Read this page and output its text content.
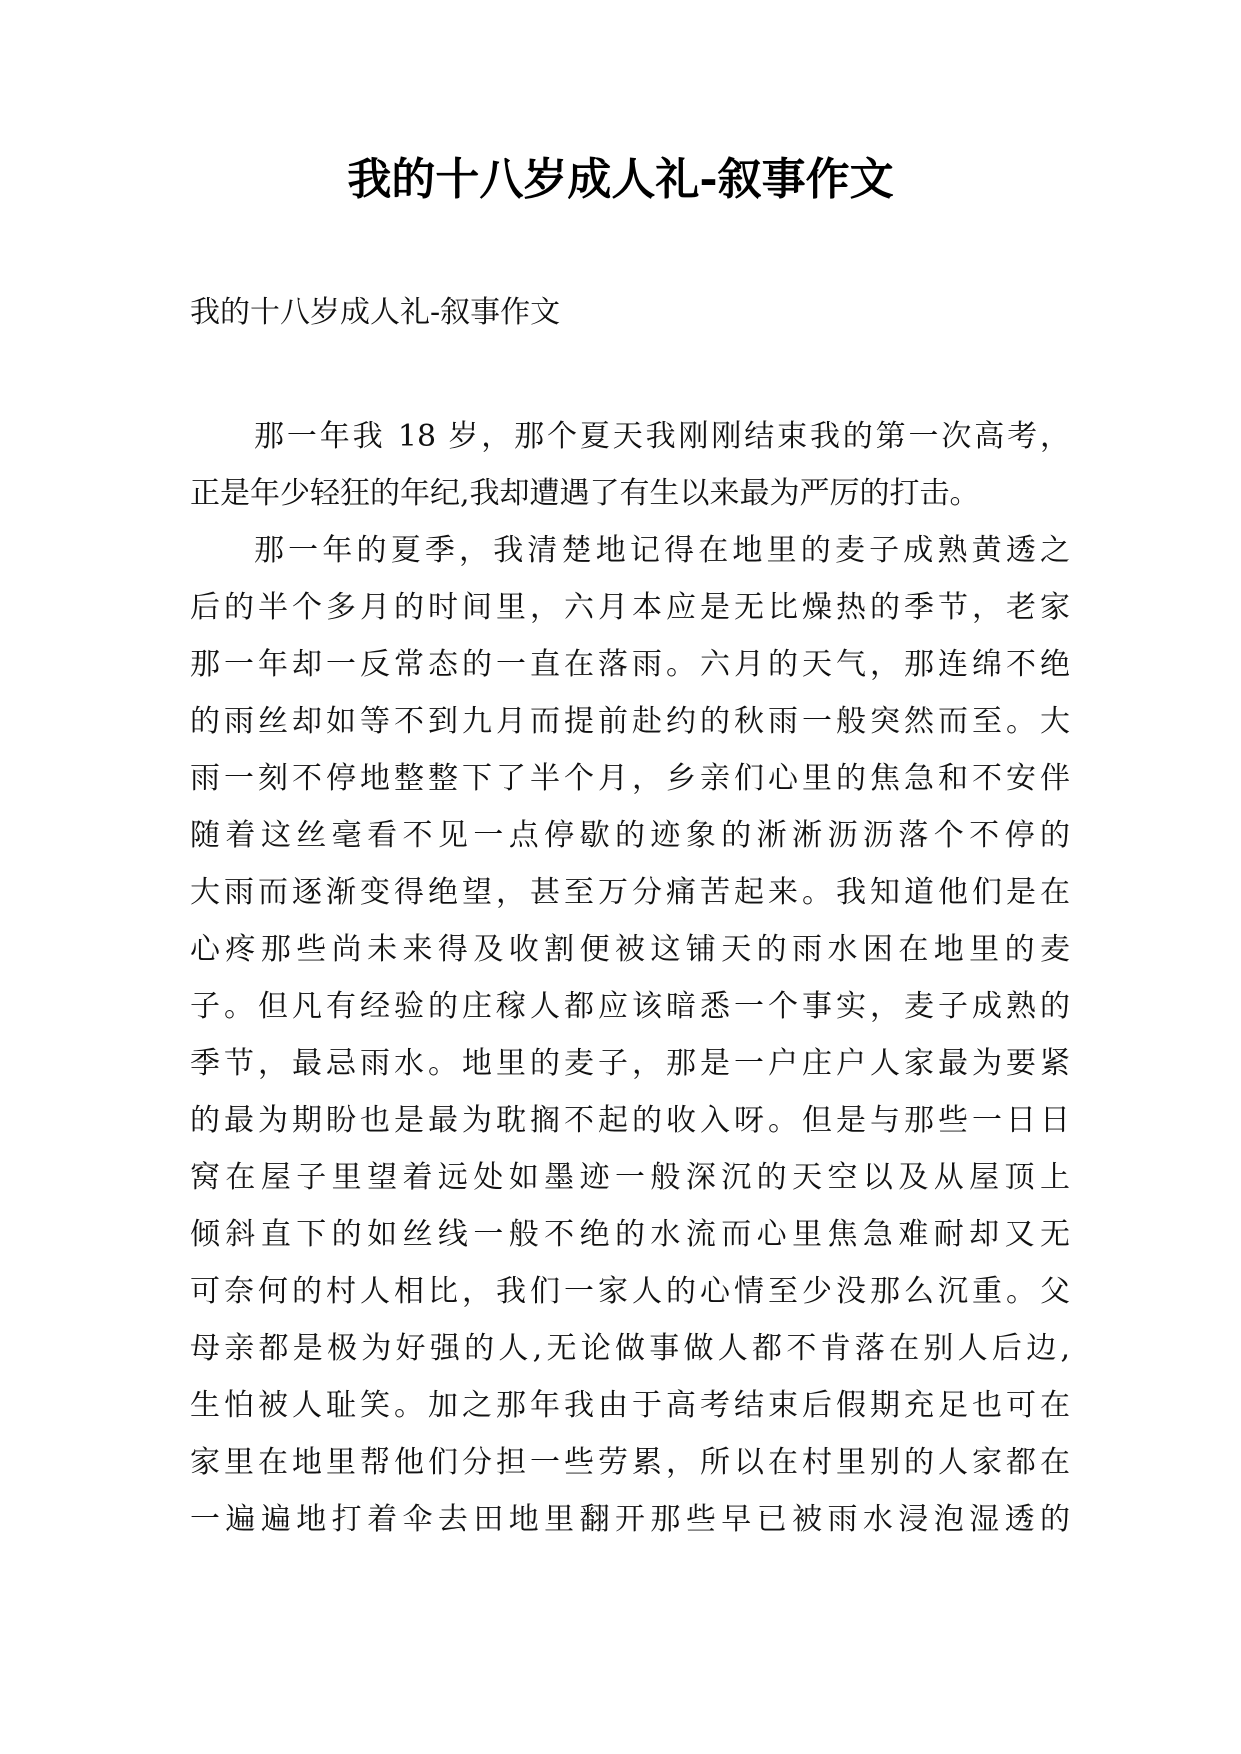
我的十八岁成人礼-叙事作文
我的十八岁成人礼-叙事作文

那一年我 18 岁，那个夏天我刚刚结束我的第一次高考，
正是年少轻狂的年纪,我却遭遇了有生以来最为严厉的打击。

那一年的夏季，我清楚地记得在地里的麦子成熟黄透之
后的半个多月的时间里，六月本应是无比燥热的季节，老家
那一年却一反常态的一直在落雨。六月的天气，那连绵不绝
的雨丝却如等不到九月而提前赴约的秋雨一般突然而至。大
雨一刻不停地整整下了半个月，乡亲们心里的焦急和不安伴
随着这丝毫看不见一点停歇的迹象的淅淅沥沥落个不停的
大雨而逐渐变得绝望，甚至万分痛苦起来。我知道他们是在
心疼那些尚未来得及收割便被这铺天的雨水困在地里的麦
子。但凡有经验的庄稼人都应该暗悉一个事实，麦子成熟的
季节，最忌雨水。地里的麦子，那是一户庄户人家最为要紧
的最为期盼也是最为耽搁不起的收入呀。但是与那些一日日
窝在屋子里望着远处如墨迹一般深沉的天空以及从屋顶上
倾斜直下的如丝线一般不绝的水流而心里焦急难耐却又无
可奈何的村人相比，我们一家人的心情至少没那么沉重。父
母亲都是极为好强的人,无论做事做人都不肯落在别人后边,
生怕被人耻笑。加之那年我由于高考结束后假期充足也可在
家里在地里帮他们分担一些劳累，所以在村里别的人家都在
一遍遍地打着伞去田地里翻开那些早已被雨水浸泡湿透的
